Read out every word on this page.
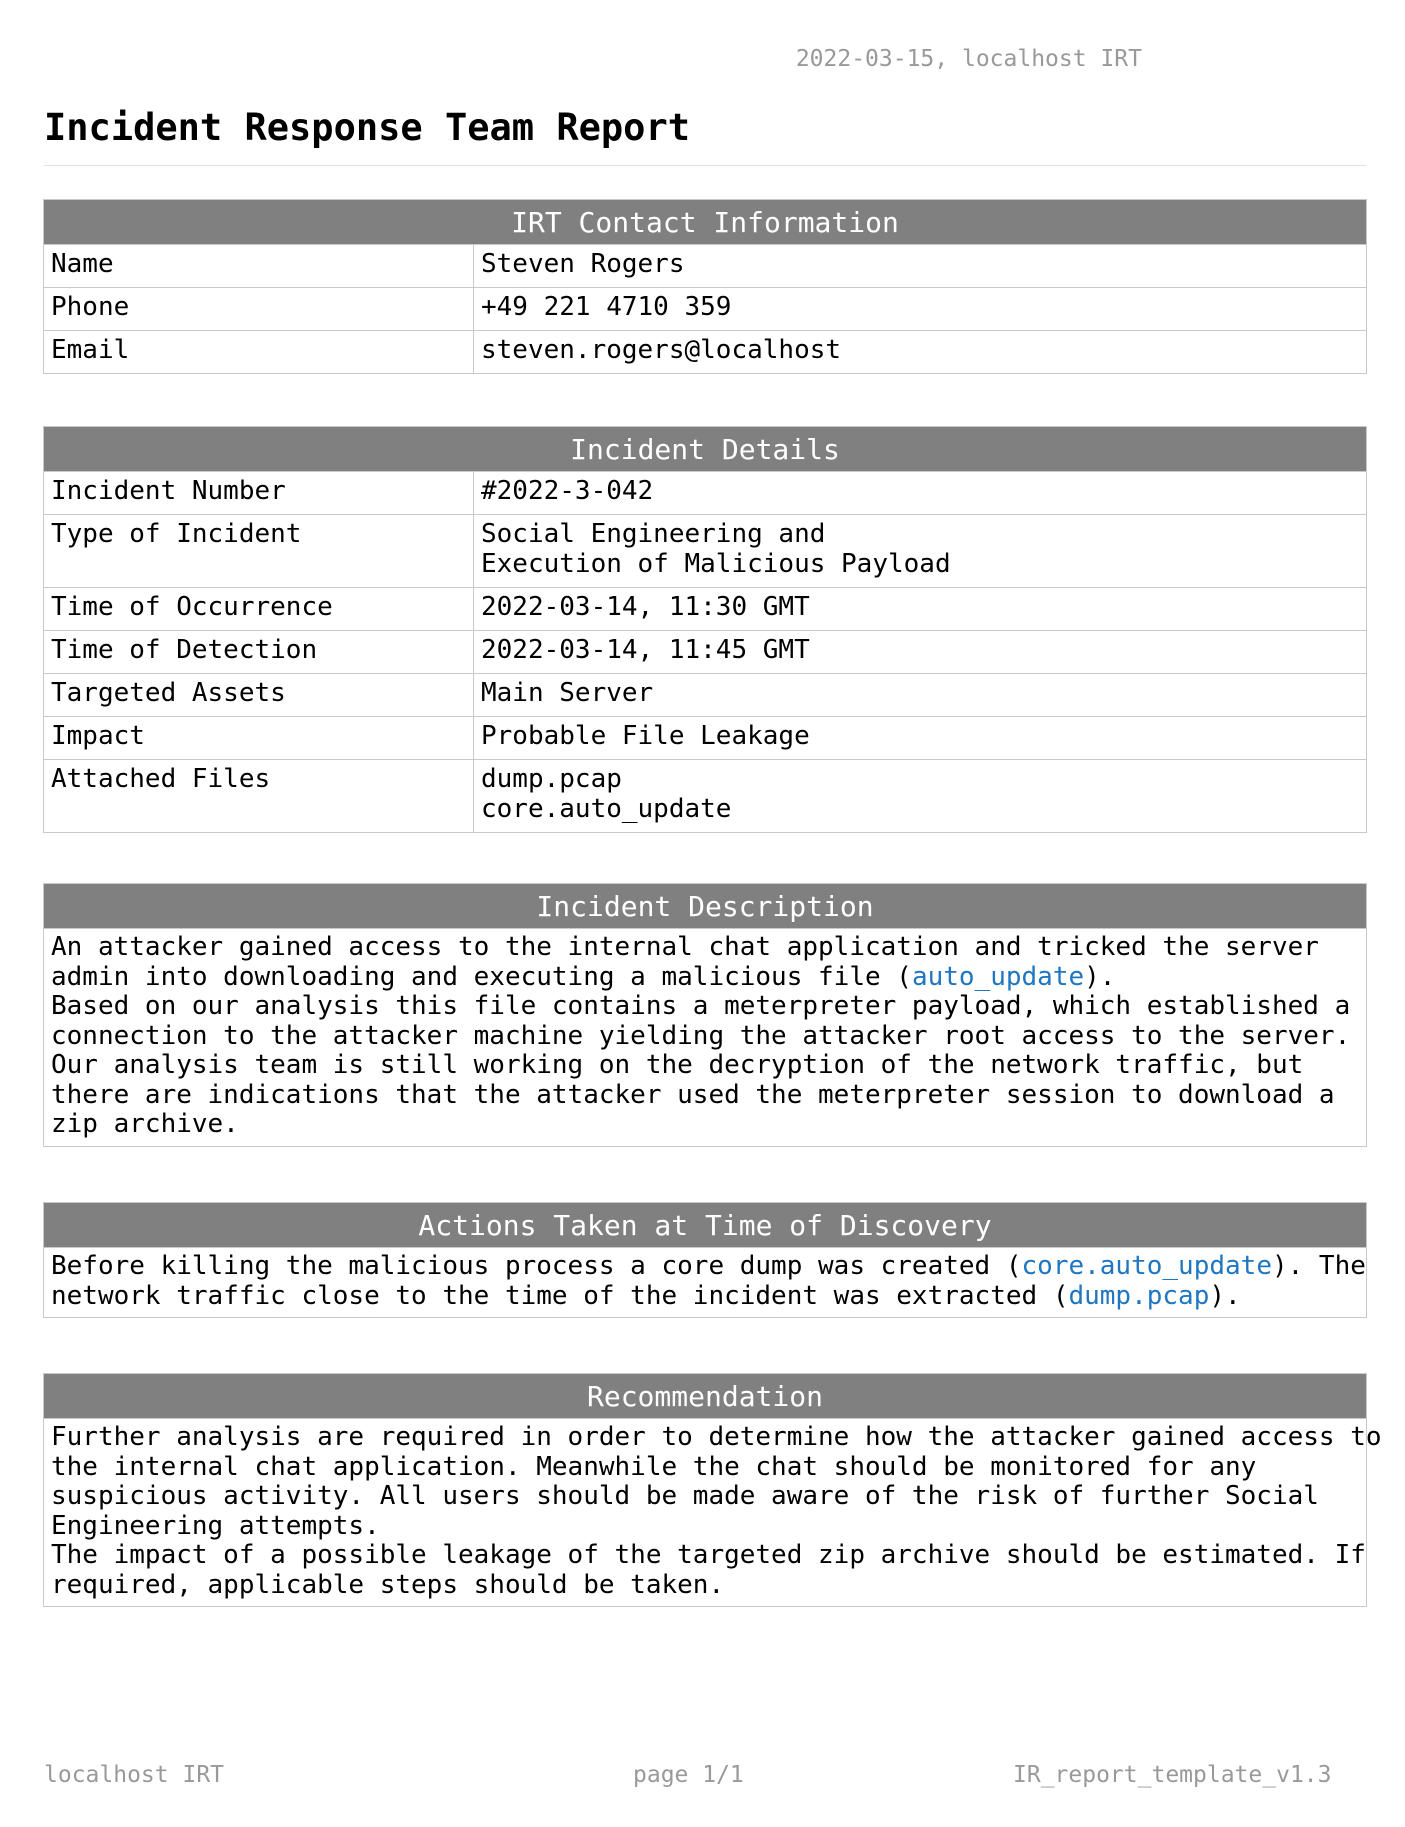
2022-03-15, localhost IRT
Incident Response Team Report
IRT Contact Information
Name	Steven Rogers
Phone	+49 221 4710 359
Email	steven.rogers@localhost
Incident Details
Incident Number	#2022-3-042

Type of Incident	Social Engineering and
Execution of Malicious Payload

Time of Occurrence	2022-03-14, 11:30 GMT

Time of Detection	2022-03-14, 11:45 GMT

Targeted Assets	Main Server

Impact	Probable File Leakage

Attached Files	dump.pcap
core.auto_update
Incident Description
An attacker gained access to the internal chat application and tricked the server
admin into downloading and executing a malicious file (auto_update).
Based on our analysis this file contains a meterpreter payload, which established a
connection to the attacker machine yielding the attacker root access to the server.
Our analysis team is still working on the decryption of the network traffic, but
there are indications that the attacker used the meterpreter session to download a
zip archive.
Actions Taken at Time of Discovery
Before killing the malicious process a core dump was created (core.auto_update). The
network traffic close to the time of the incident was extracted (dump.pcap).
Recommendation
Further analysis are required in order to determine how the attacker gained access to
the internal chat application. Meanwhile the chat should be monitored for any
suspicious activity. All users should be made aware of the risk of further Social
Engineering attempts.
The impact of a possible leakage of the targeted zip archive should be estimated. If
required, applicable steps should be taken.
localhost IRT	page 1/1	IR_report_template_v1.3
